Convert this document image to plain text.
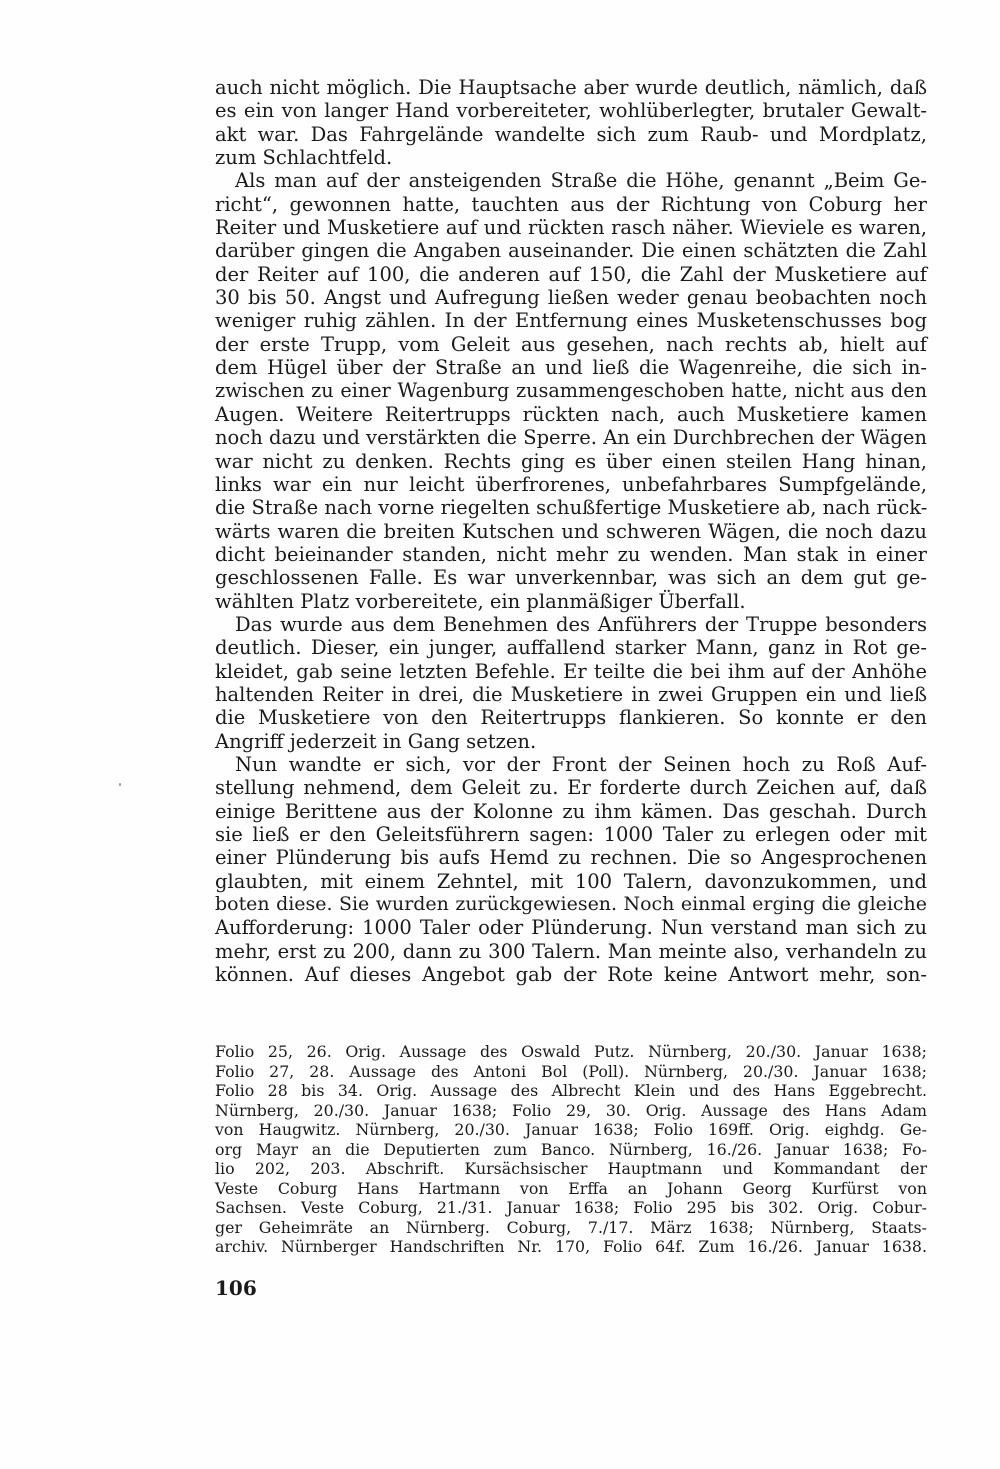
auch nicht möglich. Die Hauptsache aber wurde deutlich, nämlich, daß
es ein von langer Hand vorbereiteter, wohlüberlegter, brutaler Gewalt-
akt war. Das Fahrgelände wandelte sich zum Raub- und Mordplatz,
zum Schlachtfeld.
Als man auf der ansteigenden Straße die Höhe, genannt „Beim Ge-
richt“, gewonnen hatte, tauchten aus der Richtung von Coburg her
Reiter und Musketiere auf und rückten rasch näher. Wieviele es waren,
darüber gingen die Angaben auseinander. Die einen schätzten die Zahl
der Reiter auf 100, die anderen auf 150, die Zahl der Musketiere auf
30 bis 50. Angst und Aufregung ließen weder genau beobachten noch
weniger ruhig zählen. In der Entfernung eines Musketenschusses bog
der erste Trupp, vom Geleit aus gesehen, nach rechts ab, hielt auf
dem Hügel über der Straße an und ließ die Wagenreihe, die sich in-
zwischen zu einer Wagenburg zusammengeschoben hatte, nicht aus den
Augen. Weitere Reitertrupps rückten nach, auch Musketiere kamen
noch dazu und verstärkten die Sperre. An ein Durchbrechen der Wägen
war nicht zu denken. Rechts ging es über einen steilen Hang hinan,
links war ein nur leicht überfrorenes, unbefahrbares Sumpfgelände,
die Straße nach vorne riegelten schußfertige Musketiere ab, nach rück-
wärts waren die breiten Kutschen und schweren Wägen, die noch dazu
dicht beieinander standen, nicht mehr zu wenden. Man stak in einer
geschlossenen Falle. Es war unverkennbar, was sich an dem gut ge-
wählten Platz vorbereitete, ein planmäßiger Überfall.
Das wurde aus dem Benehmen des Anführers der Truppe besonders
deutlich. Dieser, ein junger, auffallend starker Mann, ganz in Rot ge-
kleidet, gab seine letzten Befehle. Er teilte die bei ihm auf der Anhöhe
haltenden Reiter in drei, die Musketiere in zwei Gruppen ein und ließ
die Musketiere von den Reitertrupps flankieren. So konnte er den
Angriff jederzeit in Gang setzen.
Nun wandte er sich, vor der Front der Seinen hoch zu Roß Auf-
stellung nehmend, dem Geleit zu. Er forderte durch Zeichen auf, daß
einige Berittene aus der Kolonne zu ihm kämen. Das geschah. Durch
sie ließ er den Geleitsführern sagen: 1000 Taler zu erlegen oder mit
einer Plünderung bis aufs Hemd zu rechnen. Die so Angesprochenen
glaubten, mit einem Zehntel, mit 100 Talern, davonzukommen, und
boten diese. Sie wurden zurückgewiesen. Noch einmal erging die gleiche
Aufforderung: 1000 Taler oder Plünderung. Nun verstand man sich zu
mehr, erst zu 200, dann zu 300 Talern. Man meinte also, verhandeln zu
können. Auf dieses Angebot gab der Rote keine Antwort mehr, son-
Folio 25, 26. Orig. Aussage des Oswald Putz. Nürnberg, 20./30. Januar 1638;
Folio 27, 28. Aussage des Antoni Bol (Poll). Nürnberg, 20./30. Januar 1638;
Folio 28 bis 34. Orig. Aussage des Albrecht Klein und des Hans Eggebrecht.
Nürnberg, 20./30. Januar 1638; Folio 29, 30. Orig. Aussage des Hans Adam
von Haugwitz. Nürnberg, 20./30. Januar 1638; Folio 169ff. Orig. eighdg. Ge-
org Mayr an die Deputierten zum Banco. Nürnberg, 16./26. Januar 1638; Fo-
lio 202, 203. Abschrift. Kursächsischer Hauptmann und Kommandant der
Veste Coburg Hans Hartmann von Erffa an Johann Georg Kurfürst von
Sachsen. Veste Coburg, 21./31. Januar 1638; Folio 295 bis 302. Orig. Cobur-
ger Geheimräte an Nürnberg. Coburg, 7./17. März 1638; Nürnberg, Staats-
archiv. Nürnberger Handschriften Nr. 170, Folio 64f. Zum 16./26. Januar 1638.
106
